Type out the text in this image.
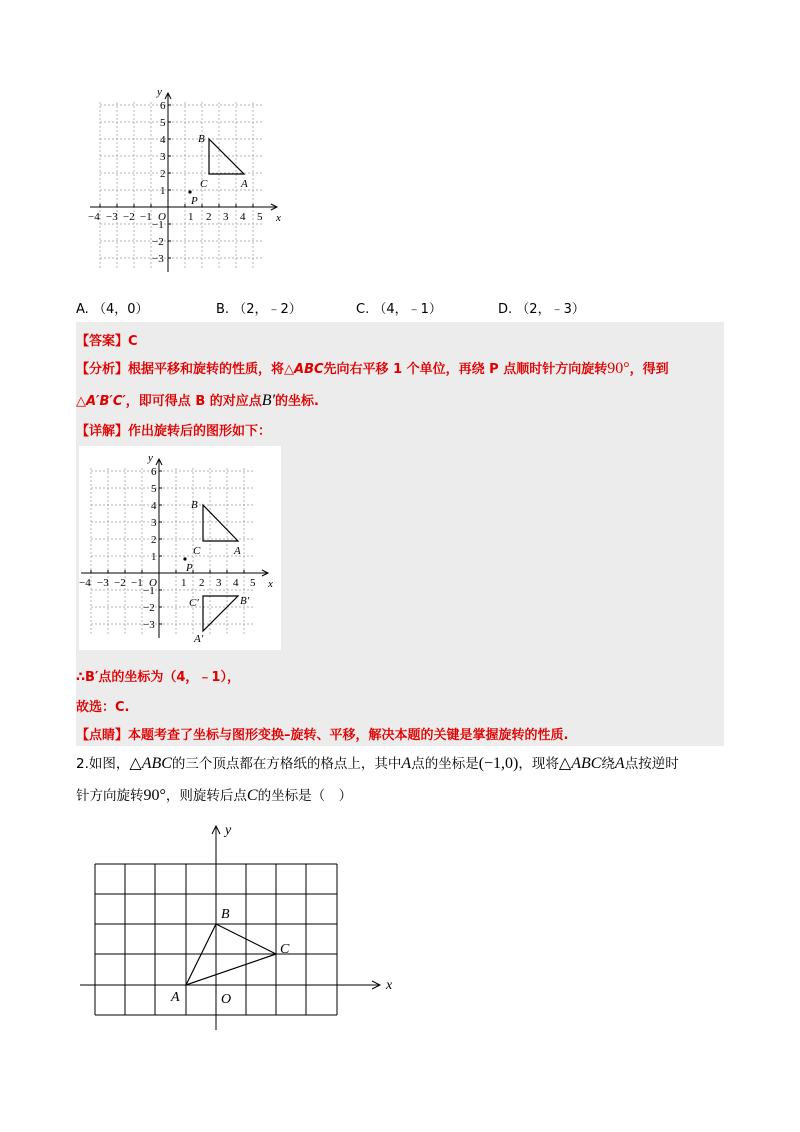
−4 −3 −2 −1 O 1 2 3 4 5 x
y
6
5
4
3
2
1
−1
−2
−3
B
C	A
P
A. （4，0）	B. （2，﹣2）	C. （4，﹣1）	D. （2，﹣3）
【答案】C
【分析】根据平移和旋转的性质，将△ABC先向右平移 1 个单位，再绕 P 点顺时针方向旋转90°，得到
△A′B′C′，即可得点 B 的对应点B′的坐标.
【详解】作出旋转后的图形如下：
−4 −3 −2 −1 O 1 2 3 4 5 x
y
6
5
4
3
2
1
−1
−2
−3
B
C	A
P
C′	B′
A′
∴B′点的坐标为（4，﹣1），
故选：C.
【点睛】本题考查了坐标与图形变换–旋转、平移，解决本题的关键是掌握旋转的性质.
2.如图，△ABC的三个顶点都在方格纸的格点上，其中A点的坐标是(−1,0)，现将△ABC绕A点按逆时
针方向旋转90°，则旋转后点C的坐标是（　）
x
y
B
C
A	O
